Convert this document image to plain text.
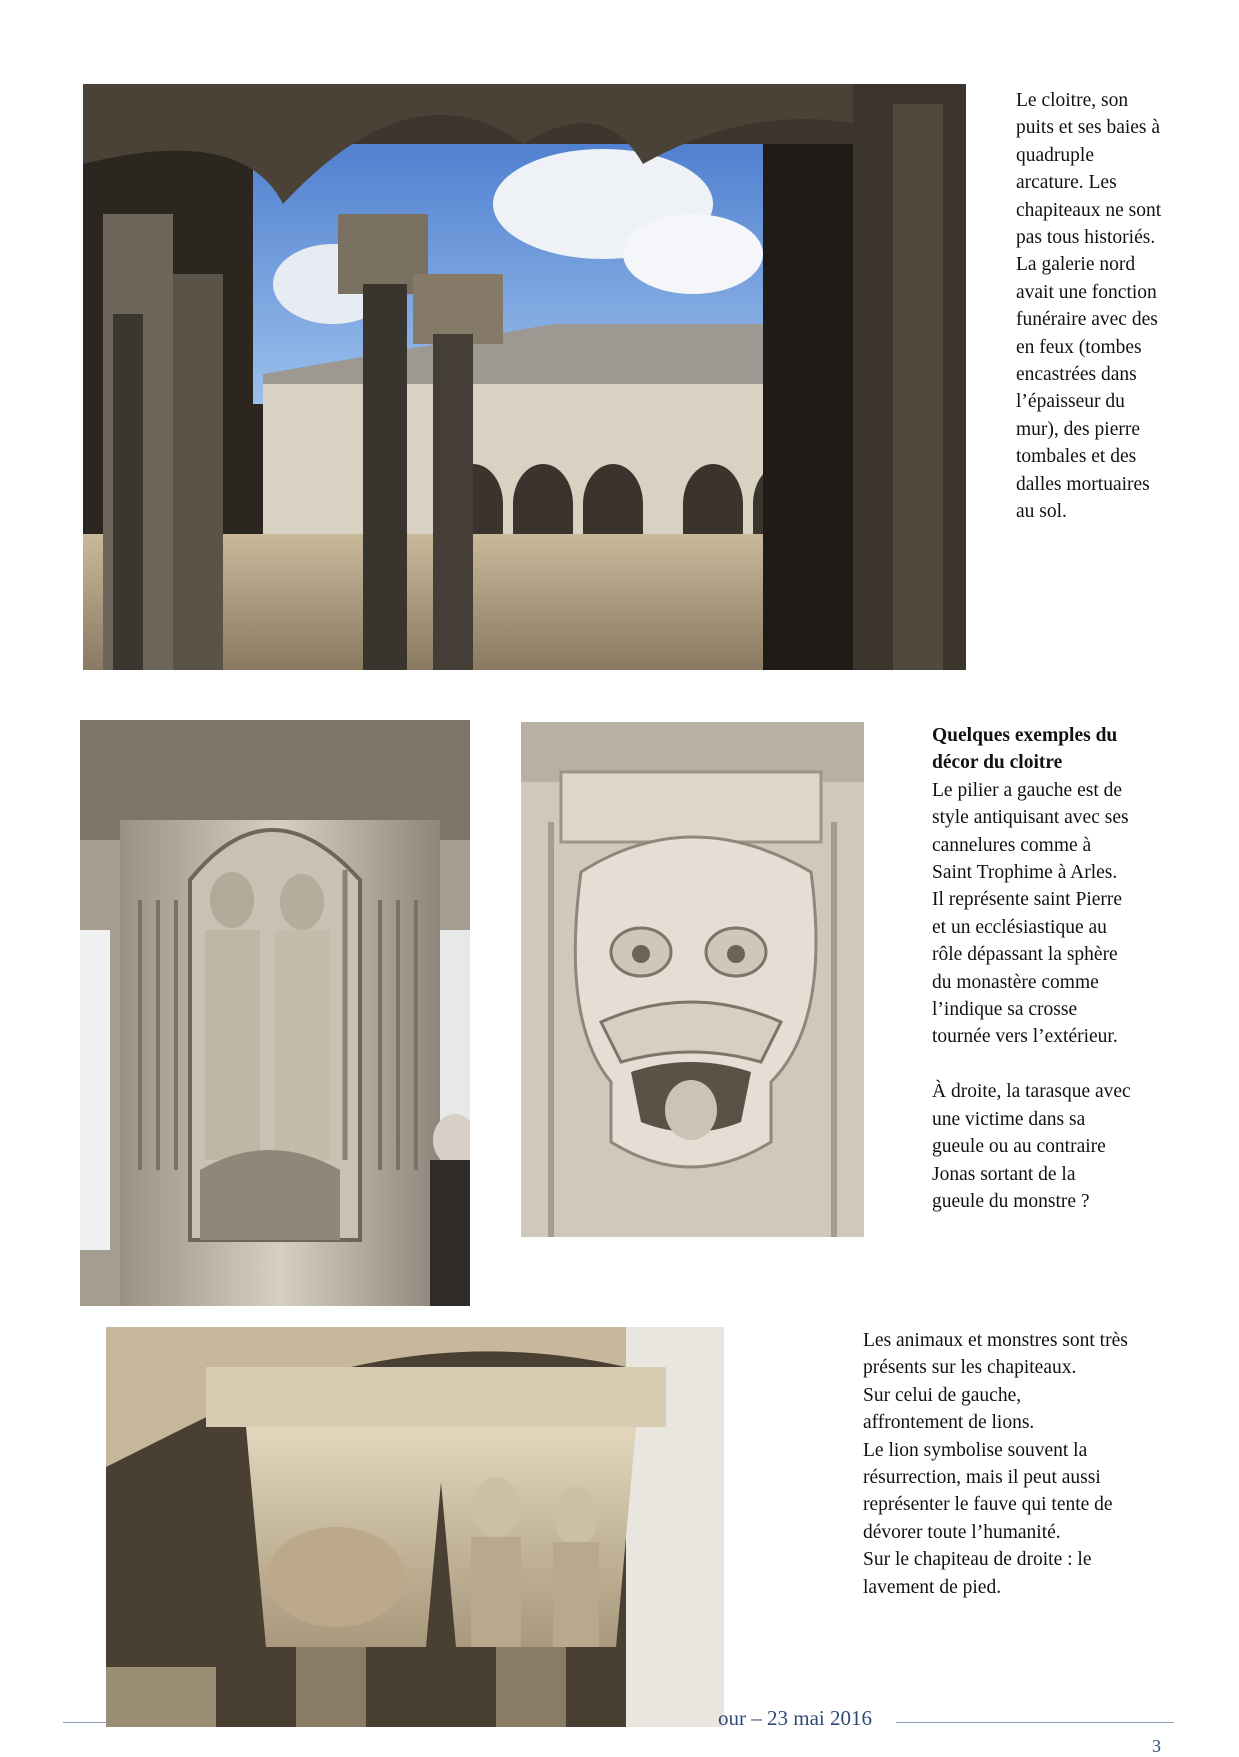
Le cloitre, son

puits et ses baies à

quadruple

arcature. Les

chapiteaux ne sont

pas tous historiés.

La galerie nord

avait une fonction

funéraire avec des

en feux (tombes

encastrées dans

l’épaisseur du

mur), des pierre

tombales et des

dalles mortuaires

au sol.

Quelques exemples du

décor du cloitre

Le pilier a gauche est de

style antiquisant avec ses

cannelures comme à

Saint Trophime à Arles.

Il représente saint Pierre

et un ecclésiastique au

rôle dépassant la sphère

du monastère comme

l’indique sa crosse

tournée vers l’extérieur.

À droite, la tarasque avec

une victime dans sa

gueule ou au contraire

Jonas sortant de la

gueule du monstre ?

Les animaux et monstres sont très

présents sur les chapiteaux.

Sur celui de gauche,

affrontement de lions.

Le lion symbolise souvent la

résurrection, mais il peut aussi

représenter le fauve qui tente de

dévorer toute l’humanité.

Sur le chapiteau de droite : le

lavement de pied.

our – 23 mai 2016
3
